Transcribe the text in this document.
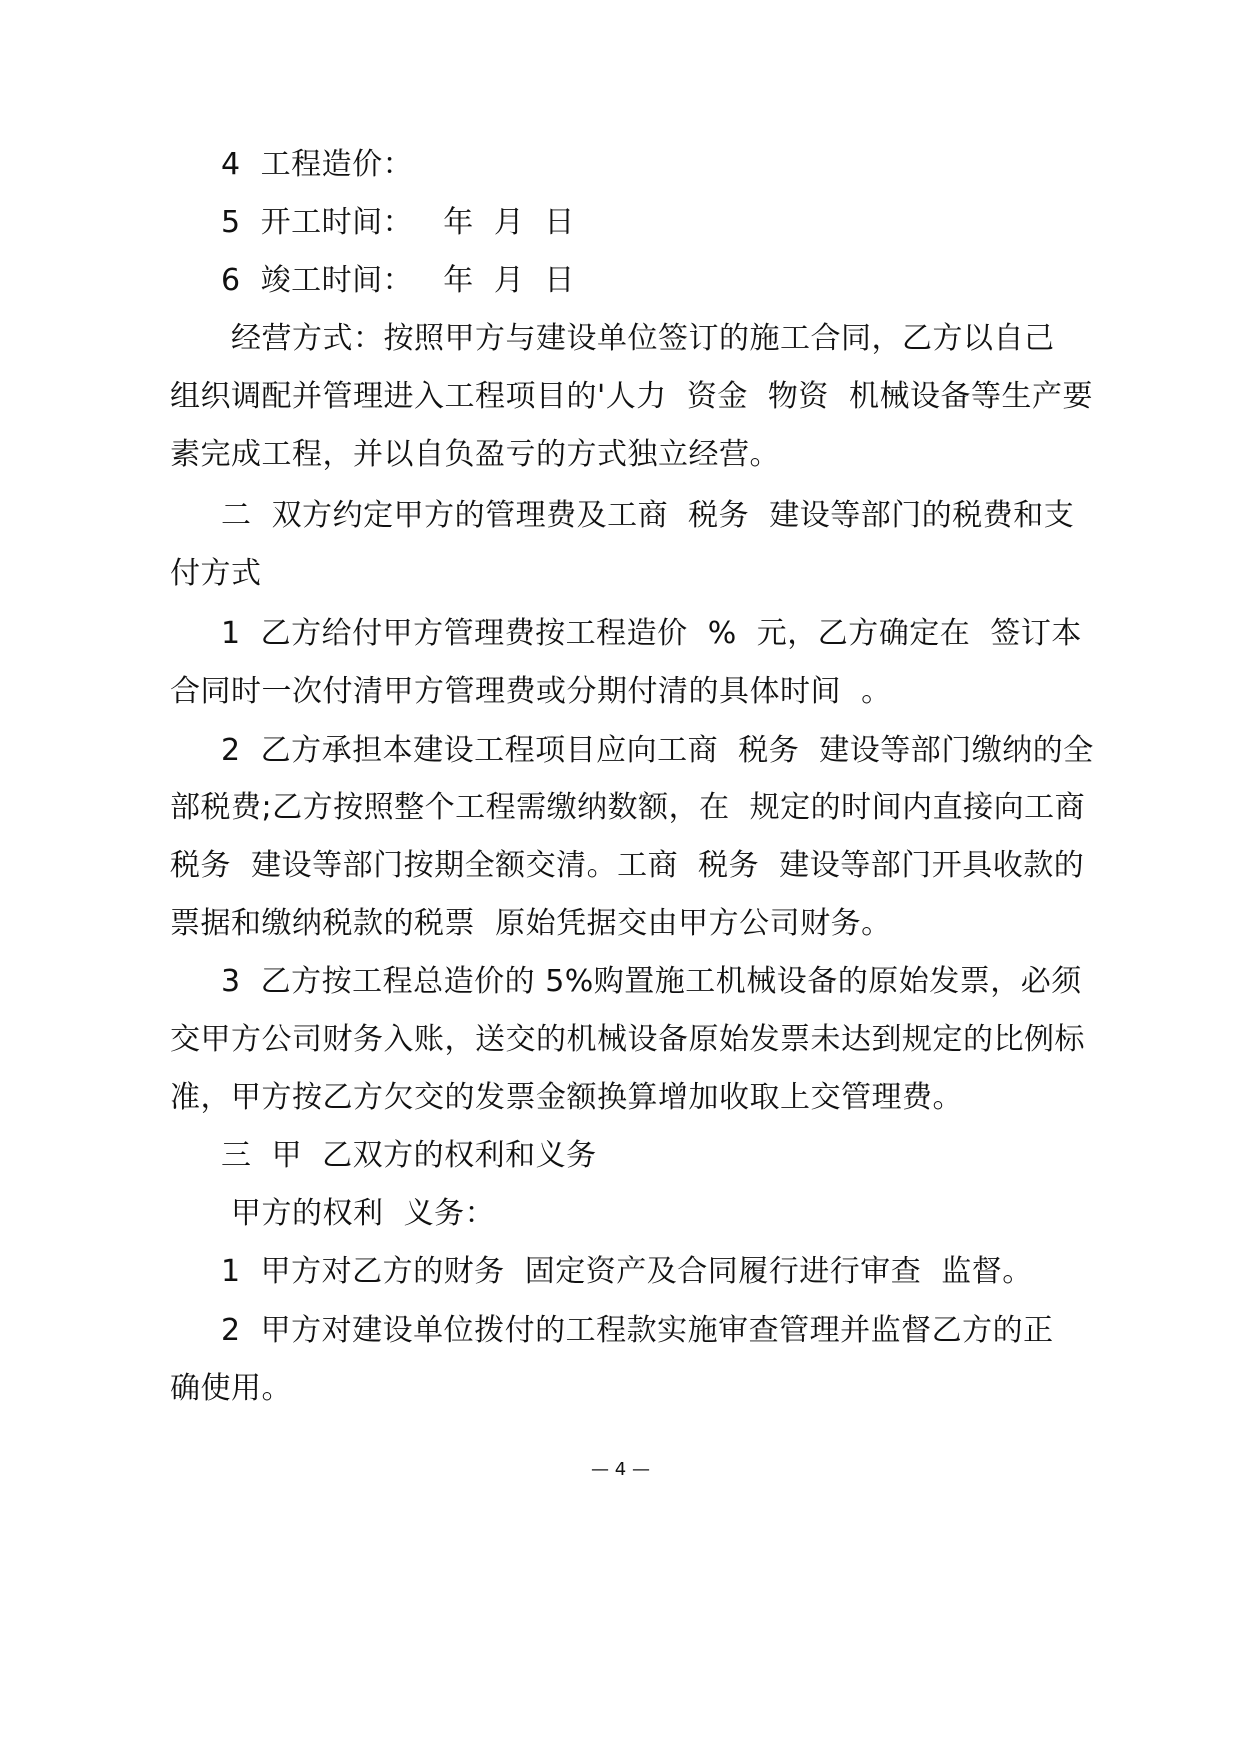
4  工程造价：
5  开工时间：   年  月  日
6  竣工时间：   年  月  日
经营方式：按照甲方与建设单位签订的施工合同，乙方以自己
组织调配并管理进入工程项目的'人力  资金  物资  机械设备等生产要
素完成工程，并以自负盈亏的方式独立经营。
二  双方约定甲方的管理费及工商  税务  建设等部门的税费和支
付方式
1  乙方给付甲方管理费按工程造价  %  元，乙方确定在  签订本
合同时一次付清甲方管理费或分期付清的具体时间  。
2  乙方承担本建设工程项目应向工商  税务  建设等部门缴纳的全
部税费;乙方按照整个工程需缴纳数额，在  规定的时间内直接向工商
税务  建设等部门按期全额交清。工商  税务  建设等部门开具收款的
票据和缴纳税款的税票  原始凭据交由甲方公司财务。
3  乙方按工程总造价的 5%购置施工机械设备的原始发票，必须
交甲方公司财务入账，送交的机械设备原始发票未达到规定的比例标
准，甲方按乙方欠交的发票金额换算增加收取上交管理费。
三  甲  乙双方的权利和义务
甲方的权利  义务：
1  甲方对乙方的财务  固定资产及合同履行进行审查  监督。
2  甲方对建设单位拨付的工程款实施审查管理并监督乙方的正
确使用。
— 4 —
